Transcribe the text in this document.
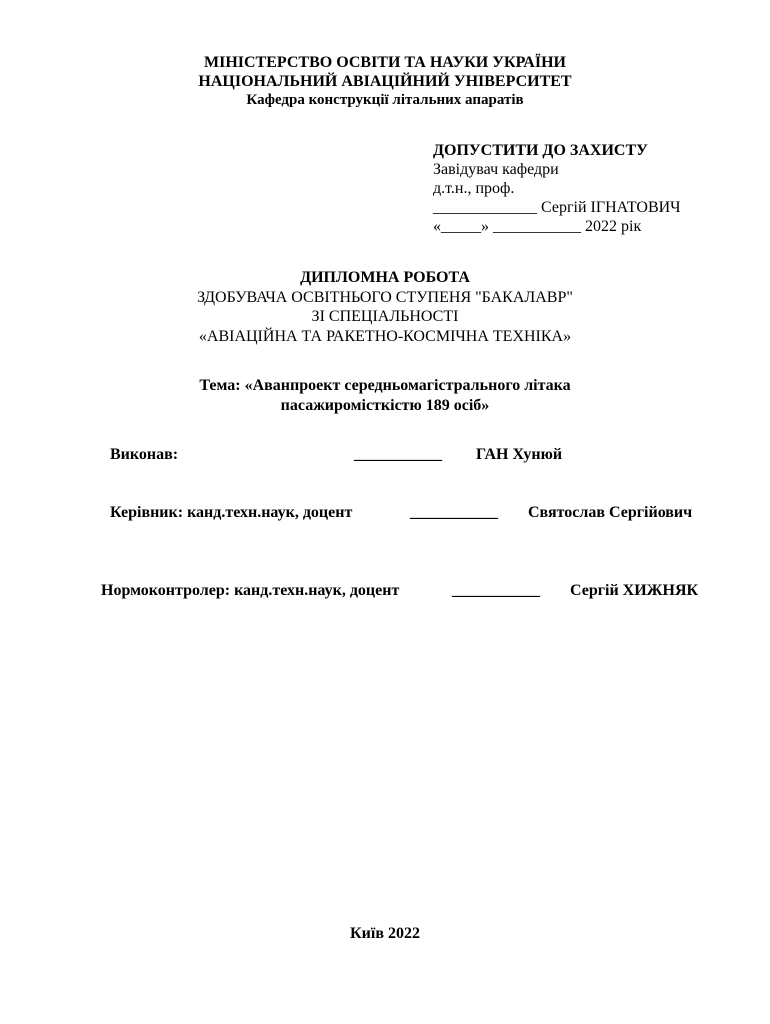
МІНІСТЕРСТВО ОСВІТИ ТА НАУКИ УКРАЇНИ
НАЦІОНАЛЬНИЙ АВІАЦІЙНИЙ УНІВЕРСИТЕТ
Кафедра конструкції літальних апаратів
ДОПУСТИТИ ДО ЗАХИСТУ
Завідувач кафедри
д.т.н., проф.
_____________ Сергій ІГНАТОВИЧ
«_____» ___________ 2022 рік
ДИПЛОМНА РОБОТА
ЗДОБУВАЧА ОСВІТНЬОГО СТУПЕНЯ "БАКАЛАВР"
ЗІ СПЕЦІАЛЬНОСТІ
«АВІАЦІЙНА ТА РАКЕТНО-КОСМІЧНА ТЕХНІКА»
Тема: «Аванпроект середньомагістрального літака
пасажиромісткістю 189 осіб»
Виконав:	___________ ГАН Хунюй
Керівник: канд.техн.наук, доцент	___________ Святослав Сергійович
Нормоконтролер: канд.техн.наук, доцент	___________ Сергій ХИЖНЯК
Київ 2022
